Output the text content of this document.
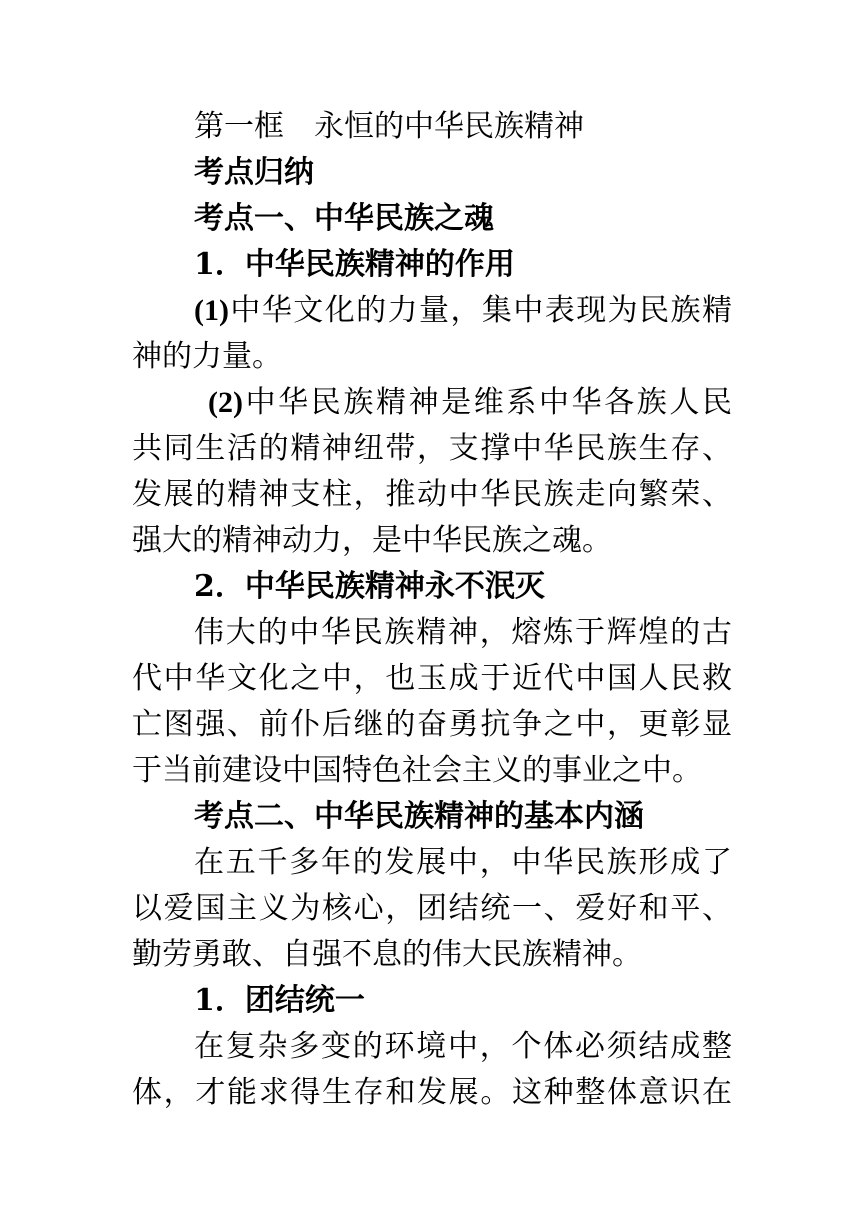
第一框 永恒的中华民族精神
考点归纳
考点一、中华民族之魂
1．中华民族精神的作用
(1)中华文化的力量，集中表现为民族精
神的力量。
(2)中华民族精神是维系中华各族人民
共同生活的精神纽带，支撑中华民族生存、
发展的精神支柱，推动中华民族走向繁荣、
强大的精神动力，是中华民族之魂。
2．中华民族精神永不泯灭
伟大的中华民族精神，熔炼于辉煌的古
代中华文化之中，也玉成于近代中国人民救
亡图强、前仆后继的奋勇抗争之中，更彰显
于当前建设中国特色社会主义的事业之中。
考点二、中华民族精神的基本内涵
在五千多年的发展中，中华民族形成了
以爱国主义为核心，团结统一、爱好和平、
勤劳勇敢、自强不息的伟大民族精神。
1．团结统一
在复杂多变的环境中，个体必须结成整
体，才能求得生存和发展。这种整体意识在
